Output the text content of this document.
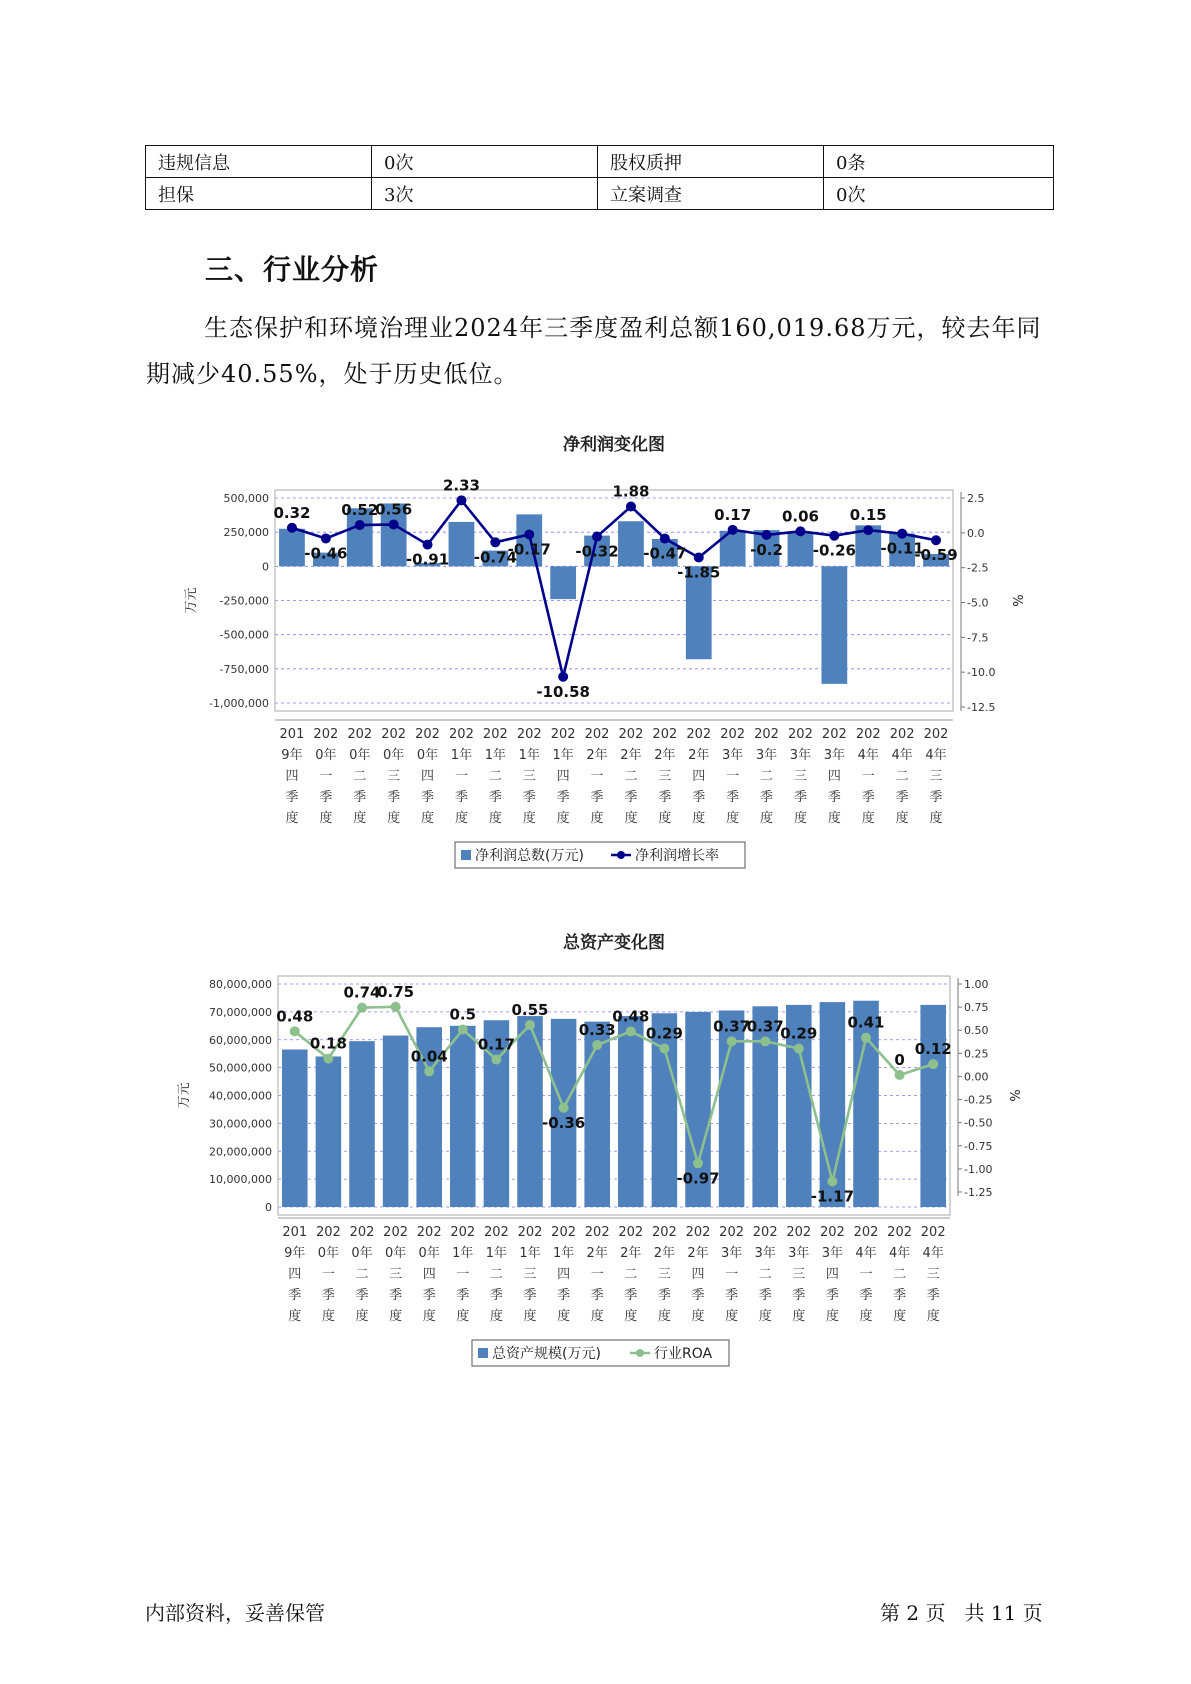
违规信息	0次	股权质押	0条
担保	3次	立案调查	0次
三、行业分析

生态保护和环境治理业2024年三季度盈利总额160,019.68万元，较去年同期减少40.55%，处于历史低位。

净利润变化图
500,000
250,000
0
-250,000
-500,000
-750,000
-1,000,000
2.5
0.0
-2.5
-5.0
-7.5
-10.0
-12.5
万元	%
0.32
-0.46
0.52
0.56
-0.91
2.33
-0.74
-0.17
-10.58
-0.32
1.88
-0.47
-1.85
0.17
-0.2
0.06
-0.26
0.15
-0.11
-0.59
201 9年四季度
202 0年一季度
202 0年二季度
202 0年三季度
202 0年四季度
202 1年一季度
202 1年二季度
202 1年三季度
202 1年四季度
202 2年一季度
202 2年二季度
202 2年三季度
202 2年四季度
202 3年一季度
202 3年二季度
202 3年三季度
202 3年四季度
202 4年一季度
202 4年二季度
202 4年三季度
净利润总数(万元)	净利润增长率
总资产变化图
80,000,000
70,000,000
60,000,000
50,000,000
40,000,000
30,000,000
20,000,000
10,000,000
0
1.00
0.75
0.50
0.25
0.00
-0.25
-0.50
-0.75
-1.00
-1.25
万元	%
0.48
0.18
0.74
0.75
0.04
0.5
0.17
0.55
-0.36
0.33
0.48
0.29
-0.97
0.37
0.37
0.29
-1.17
0.41
0
0.12
201 9年四季度
202 0年一季度
202 0年二季度
202 0年三季度
202 0年四季度
202 1年一季度
202 1年二季度
202 1年三季度
202 1年四季度
202 2年一季度
202 2年二季度
202 2年三季度
202 2年四季度
202 3年一季度
202 3年二季度
202 3年三季度
202 3年四季度
202 4年一季度
202 4年二季度
202 4年三季度
总资产规模(万元)	行业ROA
内部资料，妥善保管	第 2 页   共 11 页
